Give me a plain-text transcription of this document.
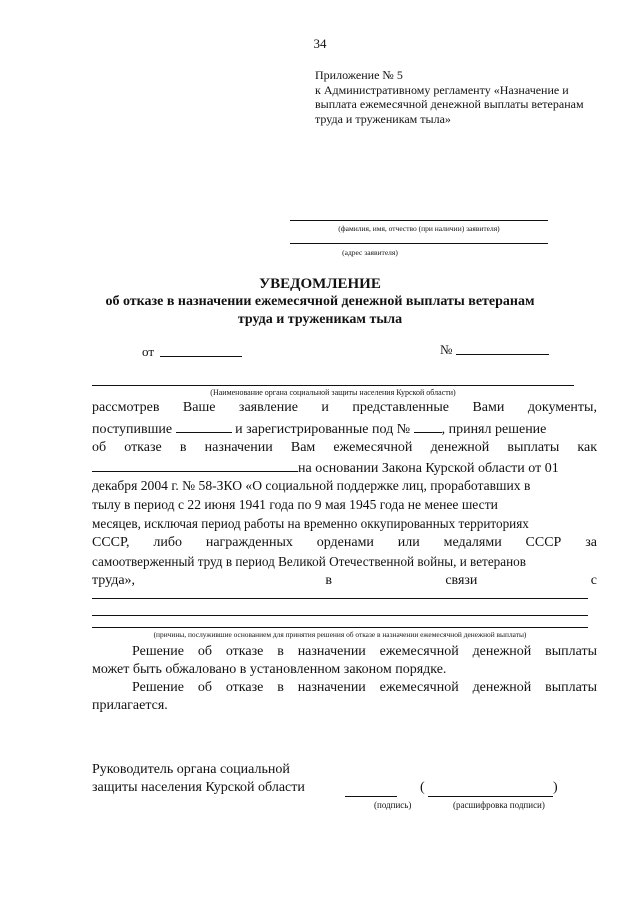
34
Приложение № 5
к Административному регламенту «Назначение и
выплата ежемесячной денежной выплаты ветеранам
труда и труженикам тыла»
(фамилия, имя, отчество (при наличии) заявителя)
(адрес заявителя)
УВЕДОМЛЕНИЕ
об отказе в назначении ежемесячной денежной выплаты ветеранам
труда и труженикам тыла
от	№
(Наименование органа социальной защиты населения Курской области)
рассмотрев Ваше заявление и представленные Вами документы,
поступившие	и зарегистрированные под № , принял решение
об отказе в назначении Вам ежемесячной денежной выплаты как
на основании Закона Курской области от 01
декабря 2004 г. № 58-ЗКО «О социальной поддержке лиц, проработавших в
тылу в период с 22 июня 1941 года по 9 мая 1945 года не менее шести
месяцев, исключая период работы на временно оккупированных территориях
СССР, либо награжденных орденами или медалями СССР за
самоотверженный труд в период Великой Отечественной войны, и ветеранов
труда»,	в	связи	с
(причины, послужившие основанием для принятия решения об отказе в назначении ежемесячной денежной выплаты)
Решение об отказе в назначении ежемесячной денежной выплаты
может быть обжаловано в установленном законом порядке.
Решение об отказе в назначении ежемесячной денежной выплаты
прилагается.
Руководитель органа социальной
защиты населения Курской области	(	)
(подпись)	(расшифровка подписи)
